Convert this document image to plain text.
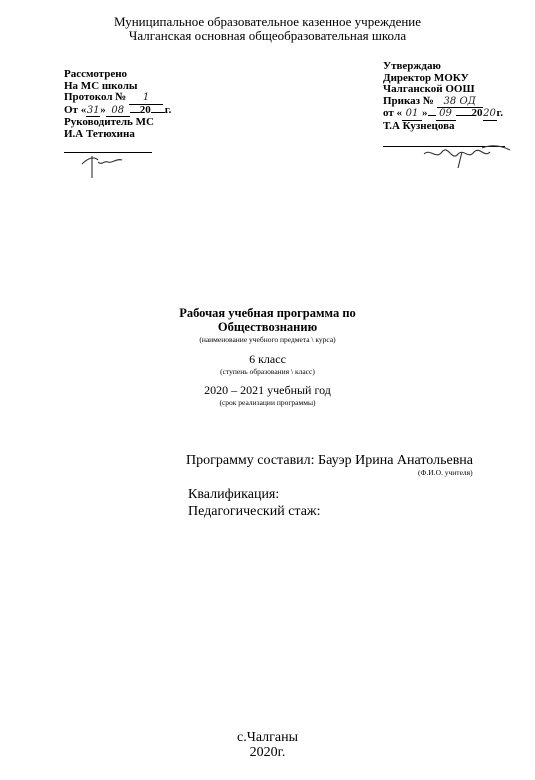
Муниципальное образовательное казенное учреждение
Чалганская основная общеобразовательная школа
Рассмотрено
На МС школы
Протокол № 1
От «31» 08 20 г.
Руководитель МС
И.А Тетюхина
Утверждаю
Директор МОКУ
Чалганской ООШ
Приказ № 38 ОД
от « 01 » 09 2020г.
Т.А Кузнецова
Рабочая учебная программа по
Обществознанию
(наименование учебного предмета \ курса)
6 класс
(ступень образования \ класс)
2020 – 2021 учебный год
(срок реализации программы)
Программу составил: Бауэр Ирина Анатольевна
(Ф.И.О. учителя)
Квалификация:
Педагогический стаж:
с.Чалганы
2020г.
